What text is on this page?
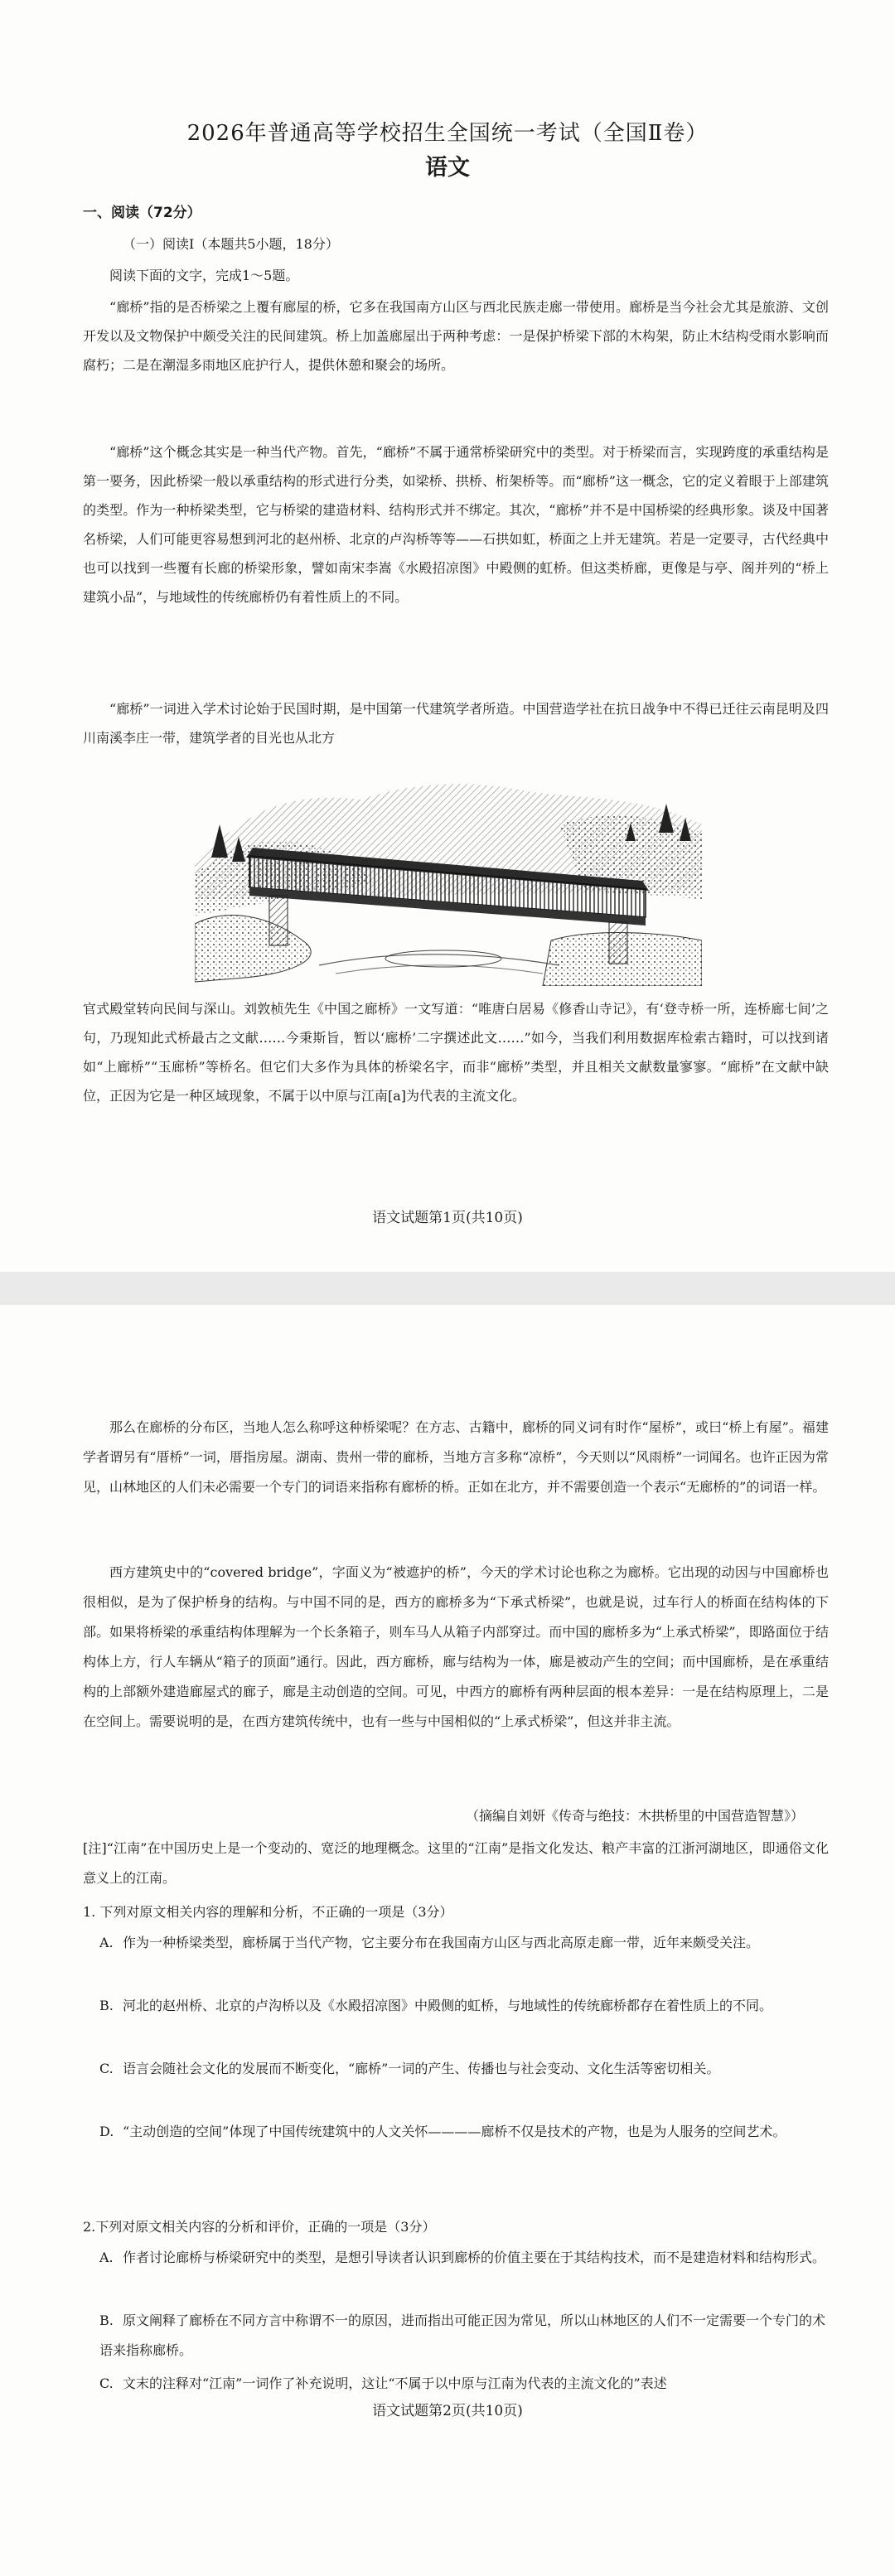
2026年普通高等学校招生全国统一考试（全国Ⅱ卷）
语文
一、阅读（72分）
（一）阅读Ⅰ（本题共5小题，18分）
阅读下面的文字，完成1～5题。
“廊桥”指的是否桥梁之上覆有廊屋的桥，它多在我国南方山区与西北民族走廊一带使用。廊桥是当今社会尤其是旅游、文创开发以及文物保护中颇受关注的民间建筑。桥上加盖廊屋出于两种考虑：一是保护桥梁下部的木构架，防止木结构受雨水影响而腐朽；二是在潮湿多雨地区庇护行人，提供休憩和聚会的场所。
“廊桥”这个概念其实是一种当代产物。首先，“廊桥”不属于通常桥梁研究中的类型。对于桥梁而言，实现跨度的承重结构是第一要务，因此桥梁一般以承重结构的形式进行分类，如梁桥、拱桥、桁架桥等。而“廊桥”这一概念，它的定义着眼于上部建筑的类型。作为一种桥梁类型，它与桥梁的建造材料、结构形式并不绑定。其次，“廊桥”并不是中国桥梁的经典形象。谈及中国著名桥梁，人们可能更容易想到河北的赵州桥、北京的卢沟桥等等——石拱如虹，桥面之上并无建筑。若是一定要寻，古代经典中也可以找到一些覆有长廊的桥梁形象，譬如南宋李嵩《水殿招凉图》中殿侧的虹桥。但这类桥廊，更像是与亭、阁并列的“桥上建筑小品”，与地域性的传统廊桥仍有着性质上的不同。
“廊桥”一词进入学术讨论始于民国时期，是中国第一代建筑学者所造。中国营造学社在抗日战争中不得已迁往云南昆明及四川南溪李庄一带，建筑学者的目光也从北方
官式殿堂转向民间与深山。刘敦桢先生《中国之廊桥》一文写道：“唯唐白居易《修香山寺记》，有‘登寺桥一所，连桥廊七间’之句，乃现知此式桥最古之文献……今秉斯旨，暂以‘廊桥’二字撰述此文……”如今，当我们利用数据库检索古籍时，可以找到诸如“上廊桥”“玉廊桥”等桥名。但它们大多作为具体的桥梁名字，而非“廊桥”类型，并且相关文献数量寥寥。“廊桥”在文献中缺位，正因为它是一种区域现象，不属于以中原与江南[a]为代表的主流文化。
语文试题第1页(共10页)
那么在廊桥的分布区，当地人怎么称呼这种桥梁呢？在方志、古籍中，廊桥的同义词有时作“屋桥”，或曰“桥上有屋”。福建学者谓另有“厝桥”一词，厝指房屋。湖南、贵州一带的廊桥，当地方言多称“凉桥”，今天则以“风雨桥”一词闻名。也许正因为常见，山林地区的人们未必需要一个专门的词语来指称有廊桥的桥。正如在北方，并不需要创造一个表示“无廊桥的”的词语一样。
西方建筑史中的“covered bridge”，字面义为“被遮护的桥”，今天的学术讨论也称之为廊桥。它出现的动因与中国廊桥也很相似，是为了保护桥身的结构。与中国不同的是，西方的廊桥多为“下承式桥梁”，也就是说，过车行人的桥面在结构体的下部。如果将桥梁的承重结构体理解为一个长条箱子，则车马人从箱子内部穿过。而中国的廊桥多为“上承式桥梁”，即路面位于结构体上方，行人车辆从“箱子的顶面”通行。因此，西方廊桥，廊与结构为一体，廊是被动产生的空间；而中国廊桥，是在承重结构的上部额外建造廊屋式的廊子，廊是主动创造的空间。可见，中西方的廊桥有两种层面的根本差异：一是在结构原理上，二是在空间上。需要说明的是，在西方建筑传统中，也有一些与中国相似的“上承式桥梁”，但这并非主流。
（摘编自刘妍《传奇与绝技：木拱桥里的中国营造智慧》）
[注]“江南”在中国历史上是一个变动的、宽泛的地理概念。这里的“江南”是指文化发达、粮产丰富的江浙河湖地区，即通俗文化意义上的江南。
1. 下列对原文相关内容的理解和分析，不正确的一项是（3分）
A. 作为一种桥梁类型，廊桥属于当代产物，它主要分布在我国南方山区与西北高原走廊一带，近年来颇受关注。
B. 河北的赵州桥、北京的卢沟桥以及《水殿招凉图》中殿侧的虹桥，与地域性的传统廊桥都存在着性质上的不同。
C. 语言会随社会文化的发展而不断变化，“廊桥”一词的产生、传播也与社会变动、文化生活等密切相关。
D. “主动创造的空间”体现了中国传统建筑中的人文关怀————廊桥不仅是技术的产物，也是为人服务的空间艺术。
2.下列对原文相关内容的分析和评价，正确的一项是（3分）
A. 作者讨论廊桥与桥梁研究中的类型，是想引导读者认识到廊桥的价值主要在于其结构技术，而不是建造材料和结构形式。
B. 原文阐释了廊桥在不同方言中称谓不一的原因，进而指出可能正因为常见，所以山林地区的人们不一定需要一个专门的术语来指称廊桥。
C. 文末的注释对“江南”一词作了补充说明，这让“不属于以中原与江南为代表的主流文化的”表述
语文试题第2页(共10页)
